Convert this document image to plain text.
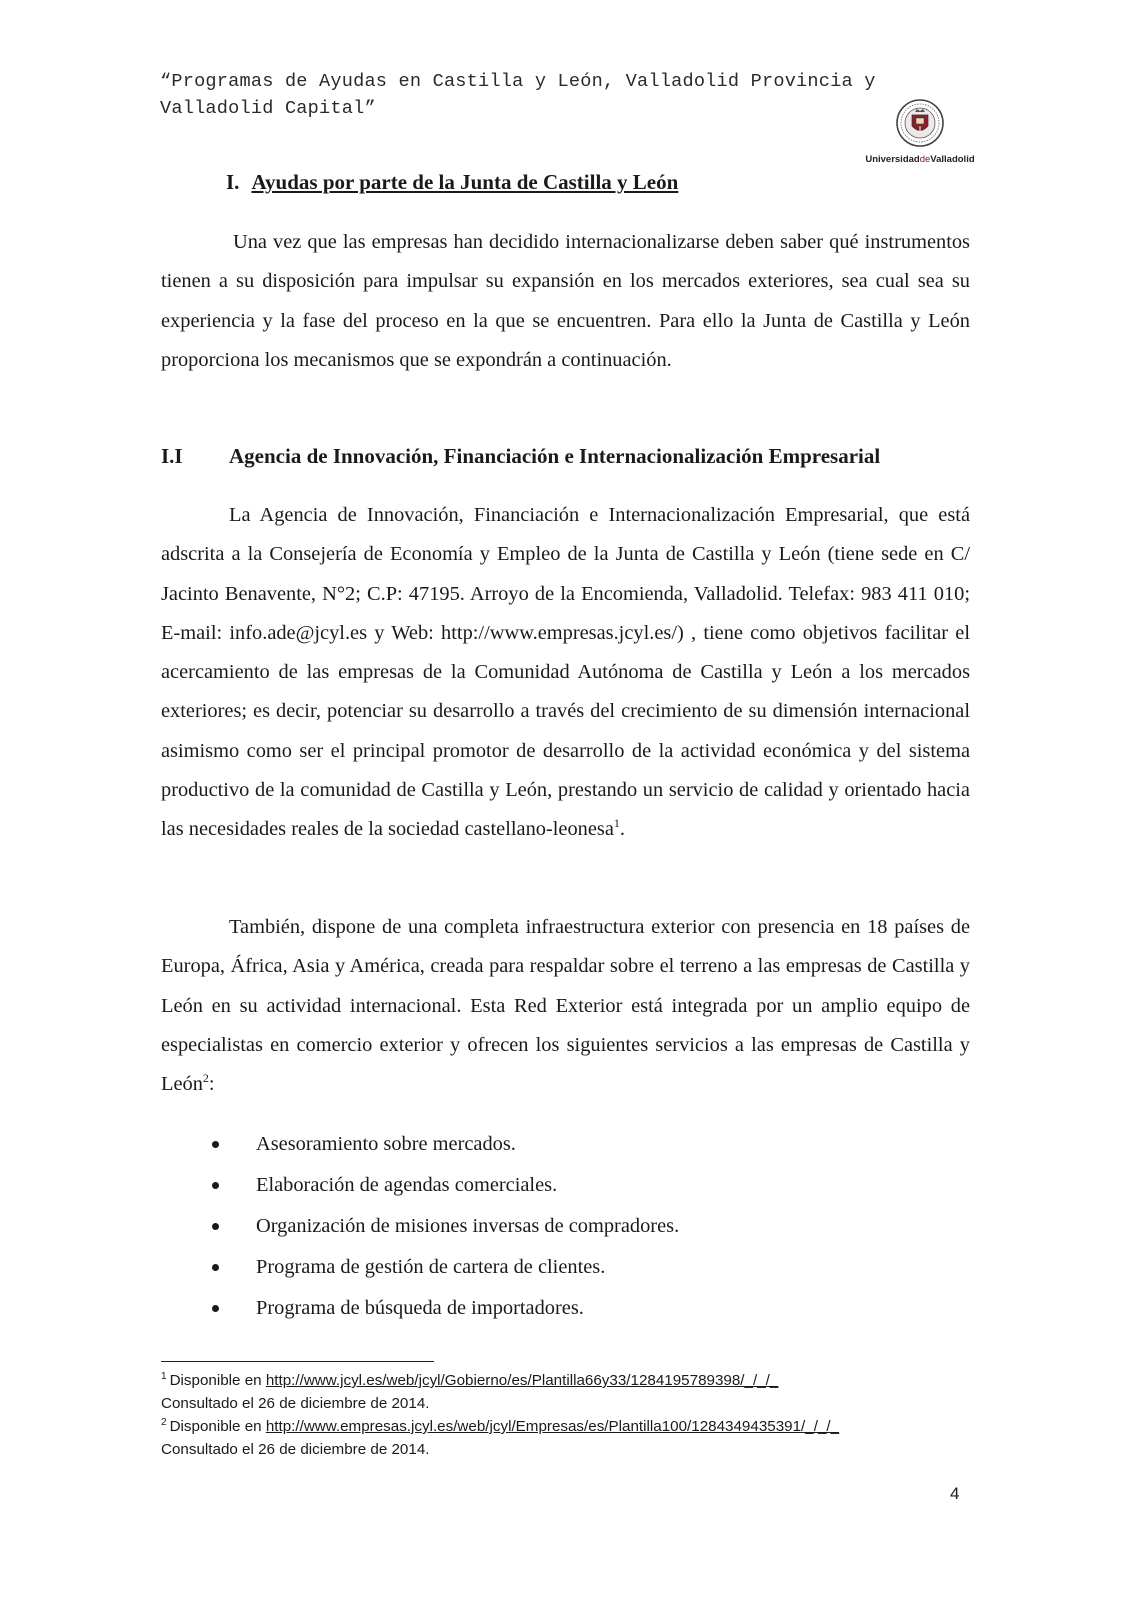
“Programas de Ayudas en Castilla y León, Valladolid Provincia y Valladolid Capital”
UniversidaddeValladolid
I. Ayudas por parte de la Junta de Castilla y León

Una vez que las empresas han decidido internacionalizarse deben saber qué instrumentos tienen a su disposición para impulsar su expansión en los mercados exteriores, sea cual sea su experiencia y la fase del proceso en la que se encuentren. Para ello la Junta de Castilla y León proporciona los mecanismos que se expondrán a continuación.

I.I Agencia de Innovación, Financiación e Internacionalización Empresarial

La Agencia de Innovación, Financiación e Internacionalización Empresarial, que está adscrita a la Consejería de Economía y Empleo de la Junta de Castilla y León (tiene sede en C/ Jacinto Benavente, N°2; C.P: 47195. Arroyo de la Encomienda, Valladolid. Telefax: 983 411 010; E-mail: info.ade@jcyl.es y Web: http://www.empresas.jcyl.es/) , tiene como objetivos facilitar el acercamiento de las empresas de la Comunidad Autónoma de Castilla y León a los mercados exteriores; es decir, potenciar su desarrollo a través del crecimiento de su dimensión internacional asimismo como ser el principal promotor de desarrollo de la actividad económica y del sistema productivo de la comunidad de Castilla y León, prestando un servicio de calidad y orientado hacia las necesidades reales de la sociedad castellano-leonesa$^1$.

También, dispone de una completa infraestructura exterior con presencia en 18 países de Europa, África, Asia y América, creada para respaldar sobre el terreno a las empresas de Castilla y León en su actividad internacional. Esta Red Exterior está integrada por un amplio equipo de especialistas en comercio exterior y ofrecen los siguientes servicios a las empresas de Castilla y León$^2$:

Asesoramiento sobre mercados.
Elaboración de agendas comerciales.
Organización de misiones inversas de compradores.
Programa de gestión de cartera de clientes.
Programa de búsqueda de importadores.
$^1$ Disponible en http://www.jcyl.es/web/jcyl/Gobierno/es/Plantilla66y33/1284195789398/_/_/_
Consultado el 26 de diciembre de 2014.
$^2$ Disponible en http://www.empresas.jcyl.es/web/jcyl/Empresas/es/Plantilla100/1284349435391/_/_/_
Consultado el 26 de diciembre de 2014.
4
